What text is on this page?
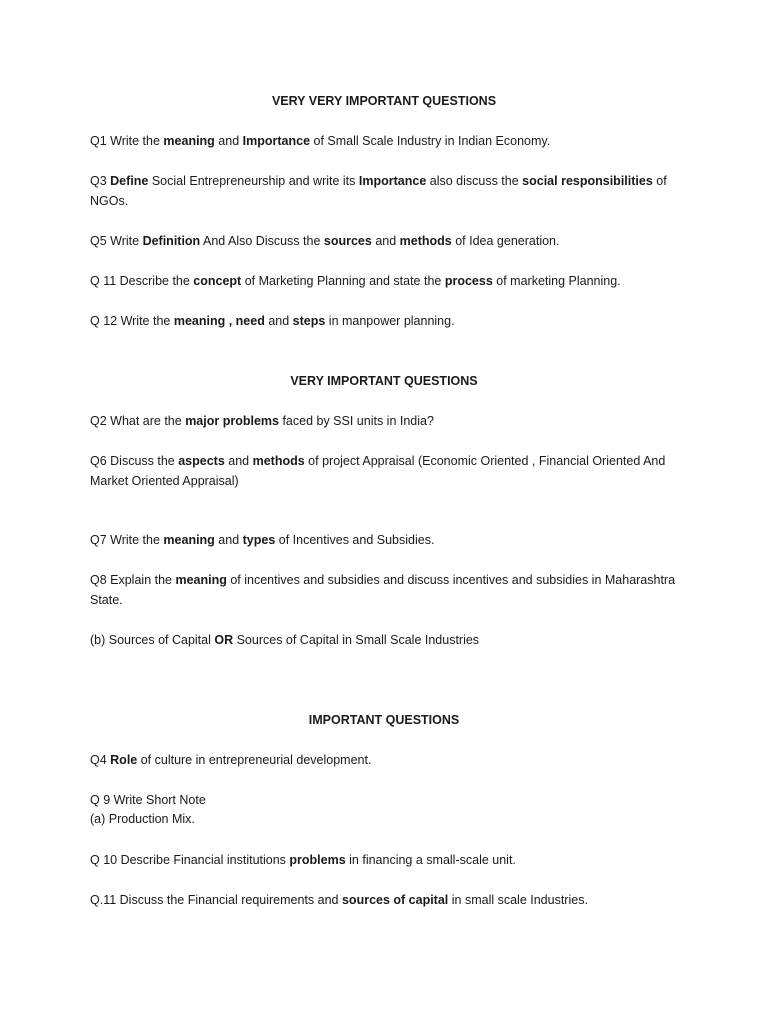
VERY VERY IMPORTANT QUESTIONS
Q1 Write the meaning and Importance of Small Scale Industry in Indian Economy.
Q3 Define Social Entrepreneurship and write its Importance also discuss the social responsibilities of NGOs.
Q5 Write Definition And Also Discuss the sources and methods of Idea generation.
Q 11 Describe the concept of Marketing Planning and state the process of marketing Planning.
Q 12 Write the meaning , need and steps in manpower planning.
VERY IMPORTANT QUESTIONS
Q2 What are the major problems faced by SSI units in India?
Q6 Discuss the aspects and methods of project Appraisal (Economic Oriented , Financial Oriented And Market Oriented Appraisal)
Q7 Write the meaning and types of Incentives and Subsidies.
Q8 Explain the meaning of incentives and subsidies and discuss incentives and subsidies in Maharashtra State.
(b) Sources of Capital OR Sources of Capital in Small Scale Industries
IMPORTANT QUESTIONS
Q4 Role of culture in entrepreneurial development.
Q 9 Write Short Note
(a) Production Mix.
Q 10 Describe Financial institutions problems in financing a small-scale unit.
Q.11 Discuss the Financial requirements and sources of capital in small scale Industries.
